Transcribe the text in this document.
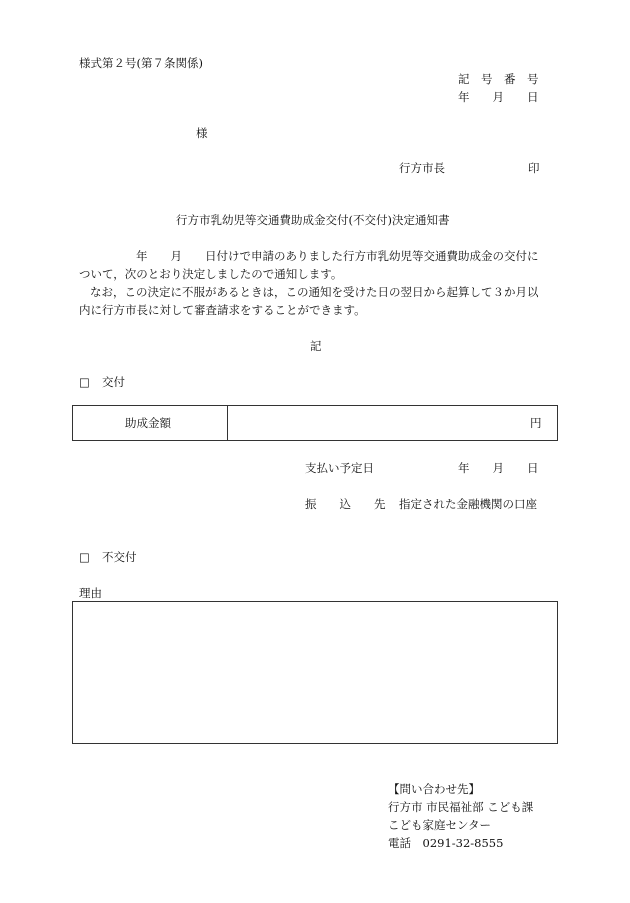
様式第２号(第７条関係)
記　号　番　号
年　　月　　日
様
行方市長	印
行方市乳幼児等交通費助成金交付(不交付)決定通知書
年　　月　　日付けで申請のありました行方市乳幼児等交通費助成金の交付に
ついて，次のとおり決定しましたので通知します。
なお，この決定に不服があるときは，この通知を受けた日の翌日から起算して３か月以
内に行方市長に対して審査請求をすることができます。
記
□ 交付
助成金額	円
支払い予定日	年　　月　　日
振　　込　　先 指定された金融機関の口座
□ 不交付
理由
【問い合わせ先】
行方市 市民福祉部 こども課
こども家庭センター
電話　0291-32-8555
